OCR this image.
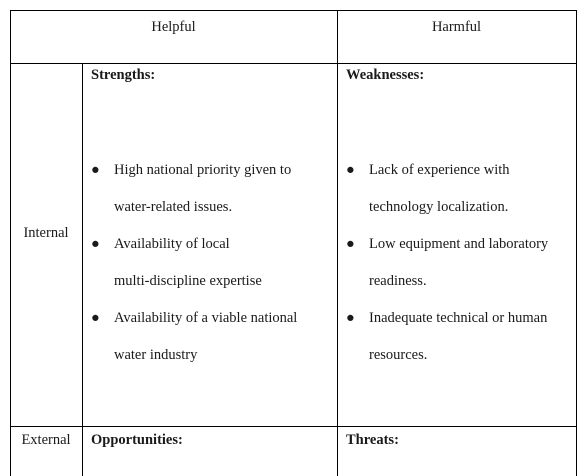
Helpful	Harmful
Internal
External
Strengths:
● High national priority given to
water-related issues.
● Availability of local
multi-discipline expertise
● Availability of a viable national
water industry
Weaknesses:
● Lack of experience with
technology localization.
● Low equipment and laboratory
readiness.
● Inadequate technical or human
resources.
Opportunities:	Threats:
